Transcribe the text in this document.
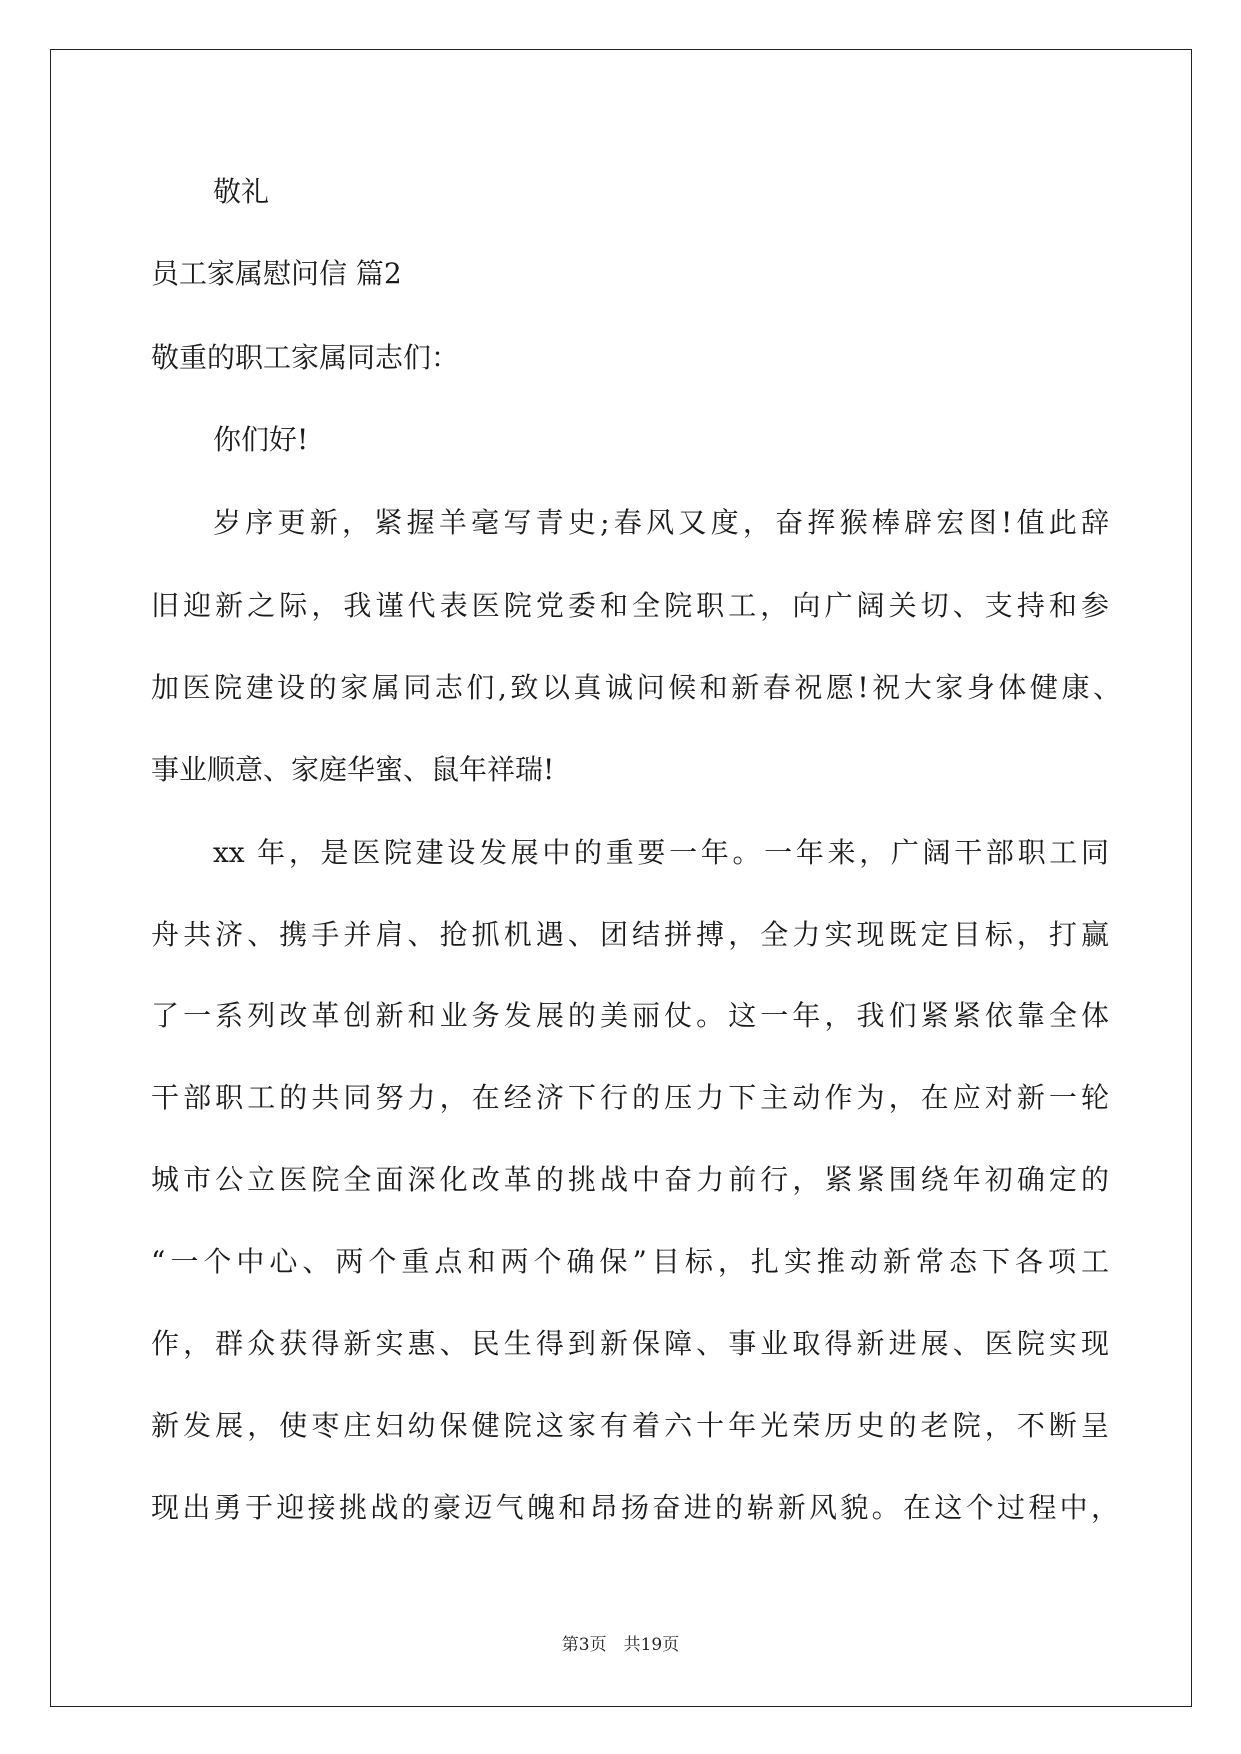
敬礼
员工家属慰问信 篇2
敬重的职工家属同志们：
你们好!
岁序更新，紧握羊毫写青史;春风又度，奋挥猴棒辟宏图!值此辞
旧迎新之际，我谨代表医院党委和全院职工，向广阔关切、支持和参
加医院建设的家属同志们,致以真诚问候和新春祝愿!祝大家身体健康、
事业顺意、家庭华蜜、鼠年祥瑞!
xx 年，是医院建设发展中的重要一年。一年来，广阔干部职工同
舟共济、携手并肩、抢抓机遇、团结拼搏，全力实现既定目标，打赢
了一系列改革创新和业务发展的美丽仗。这一年，我们紧紧依靠全体
干部职工的共同努力，在经济下行的压力下主动作为，在应对新一轮
城市公立医院全面深化改革的挑战中奋力前行，紧紧围绕年初确定的
“一个中心、两个重点和两个确保”目标，扎实推动新常态下各项工
作，群众获得新实惠、民生得到新保障、事业取得新进展、医院实现
新发展，使枣庄妇幼保健院这家有着六十年光荣历史的老院，不断呈
现出勇于迎接挑战的豪迈气魄和昂扬奋进的崭新风貌。在这个过程中，
第3页　共19页
